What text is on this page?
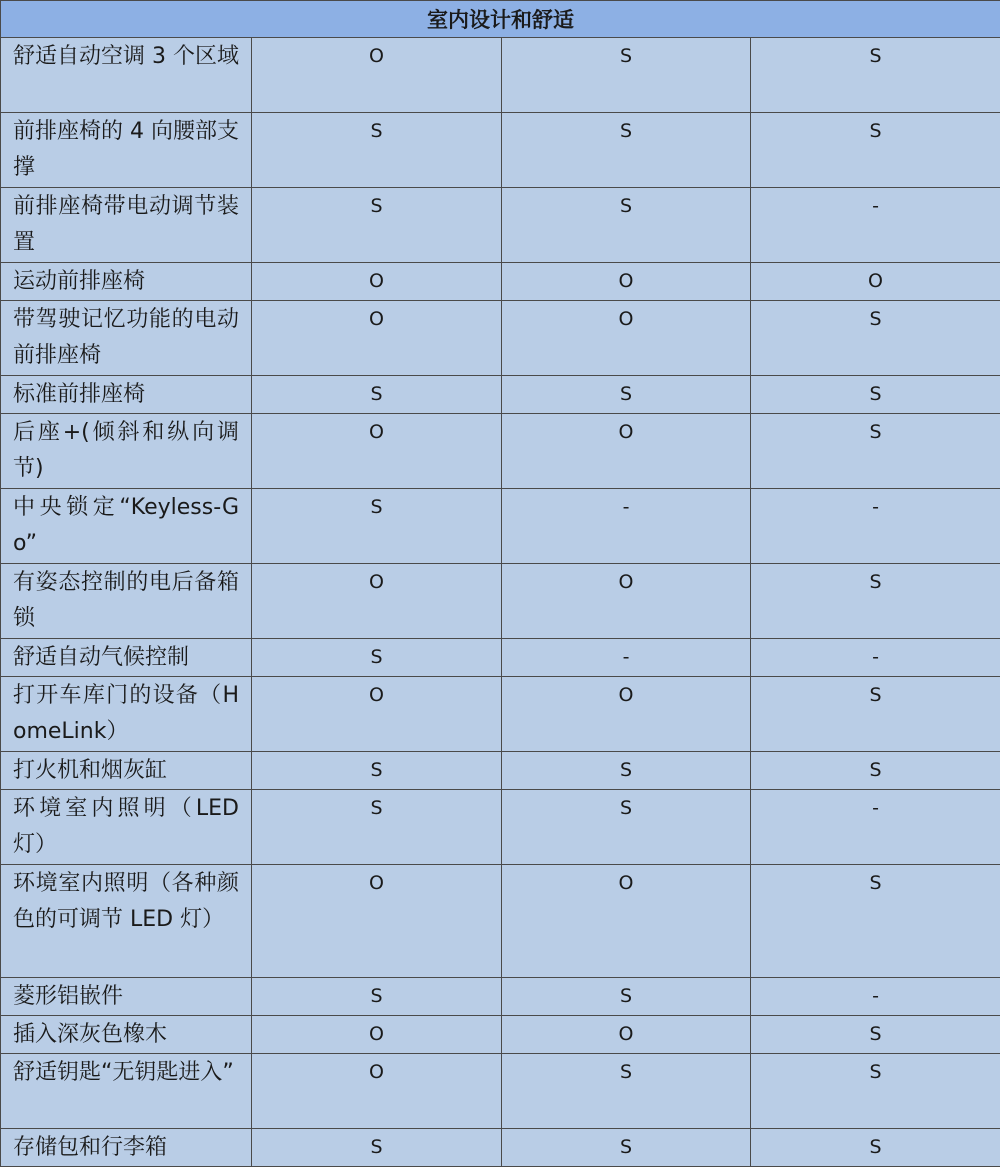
室内设计和舒适			
舒适自动空调 3 个区域	O	S	S
前排座椅的 4 向腰部支撑	S	S	S
前排座椅带电动调节装置	S	S	-
运动前排座椅	O	O	O
带驾驶记忆功能的电动前排座椅	O	O	S
标准前排座椅	S	S	S
后座+(倾斜和纵向调节)	O	O	S
中央锁定“Keyless-Go”	S	-	-
有姿态控制的电后备箱锁	O	O	S
舒适自动气候控制	S	-	-
打开车库门的设备（HomeLink）	O	O	S
打火机和烟灰缸	S	S	S
环境室内照明（LED 灯）	S	S	-
环境室内照明（各种颜色的可调节 LED 灯）	O	O	S
菱形铝嵌件	S	S	-
插入深灰色橡木	O	O	S
舒适钥匙“无钥匙进入”	O	S	S
存储包和行李箱	S	S	S
